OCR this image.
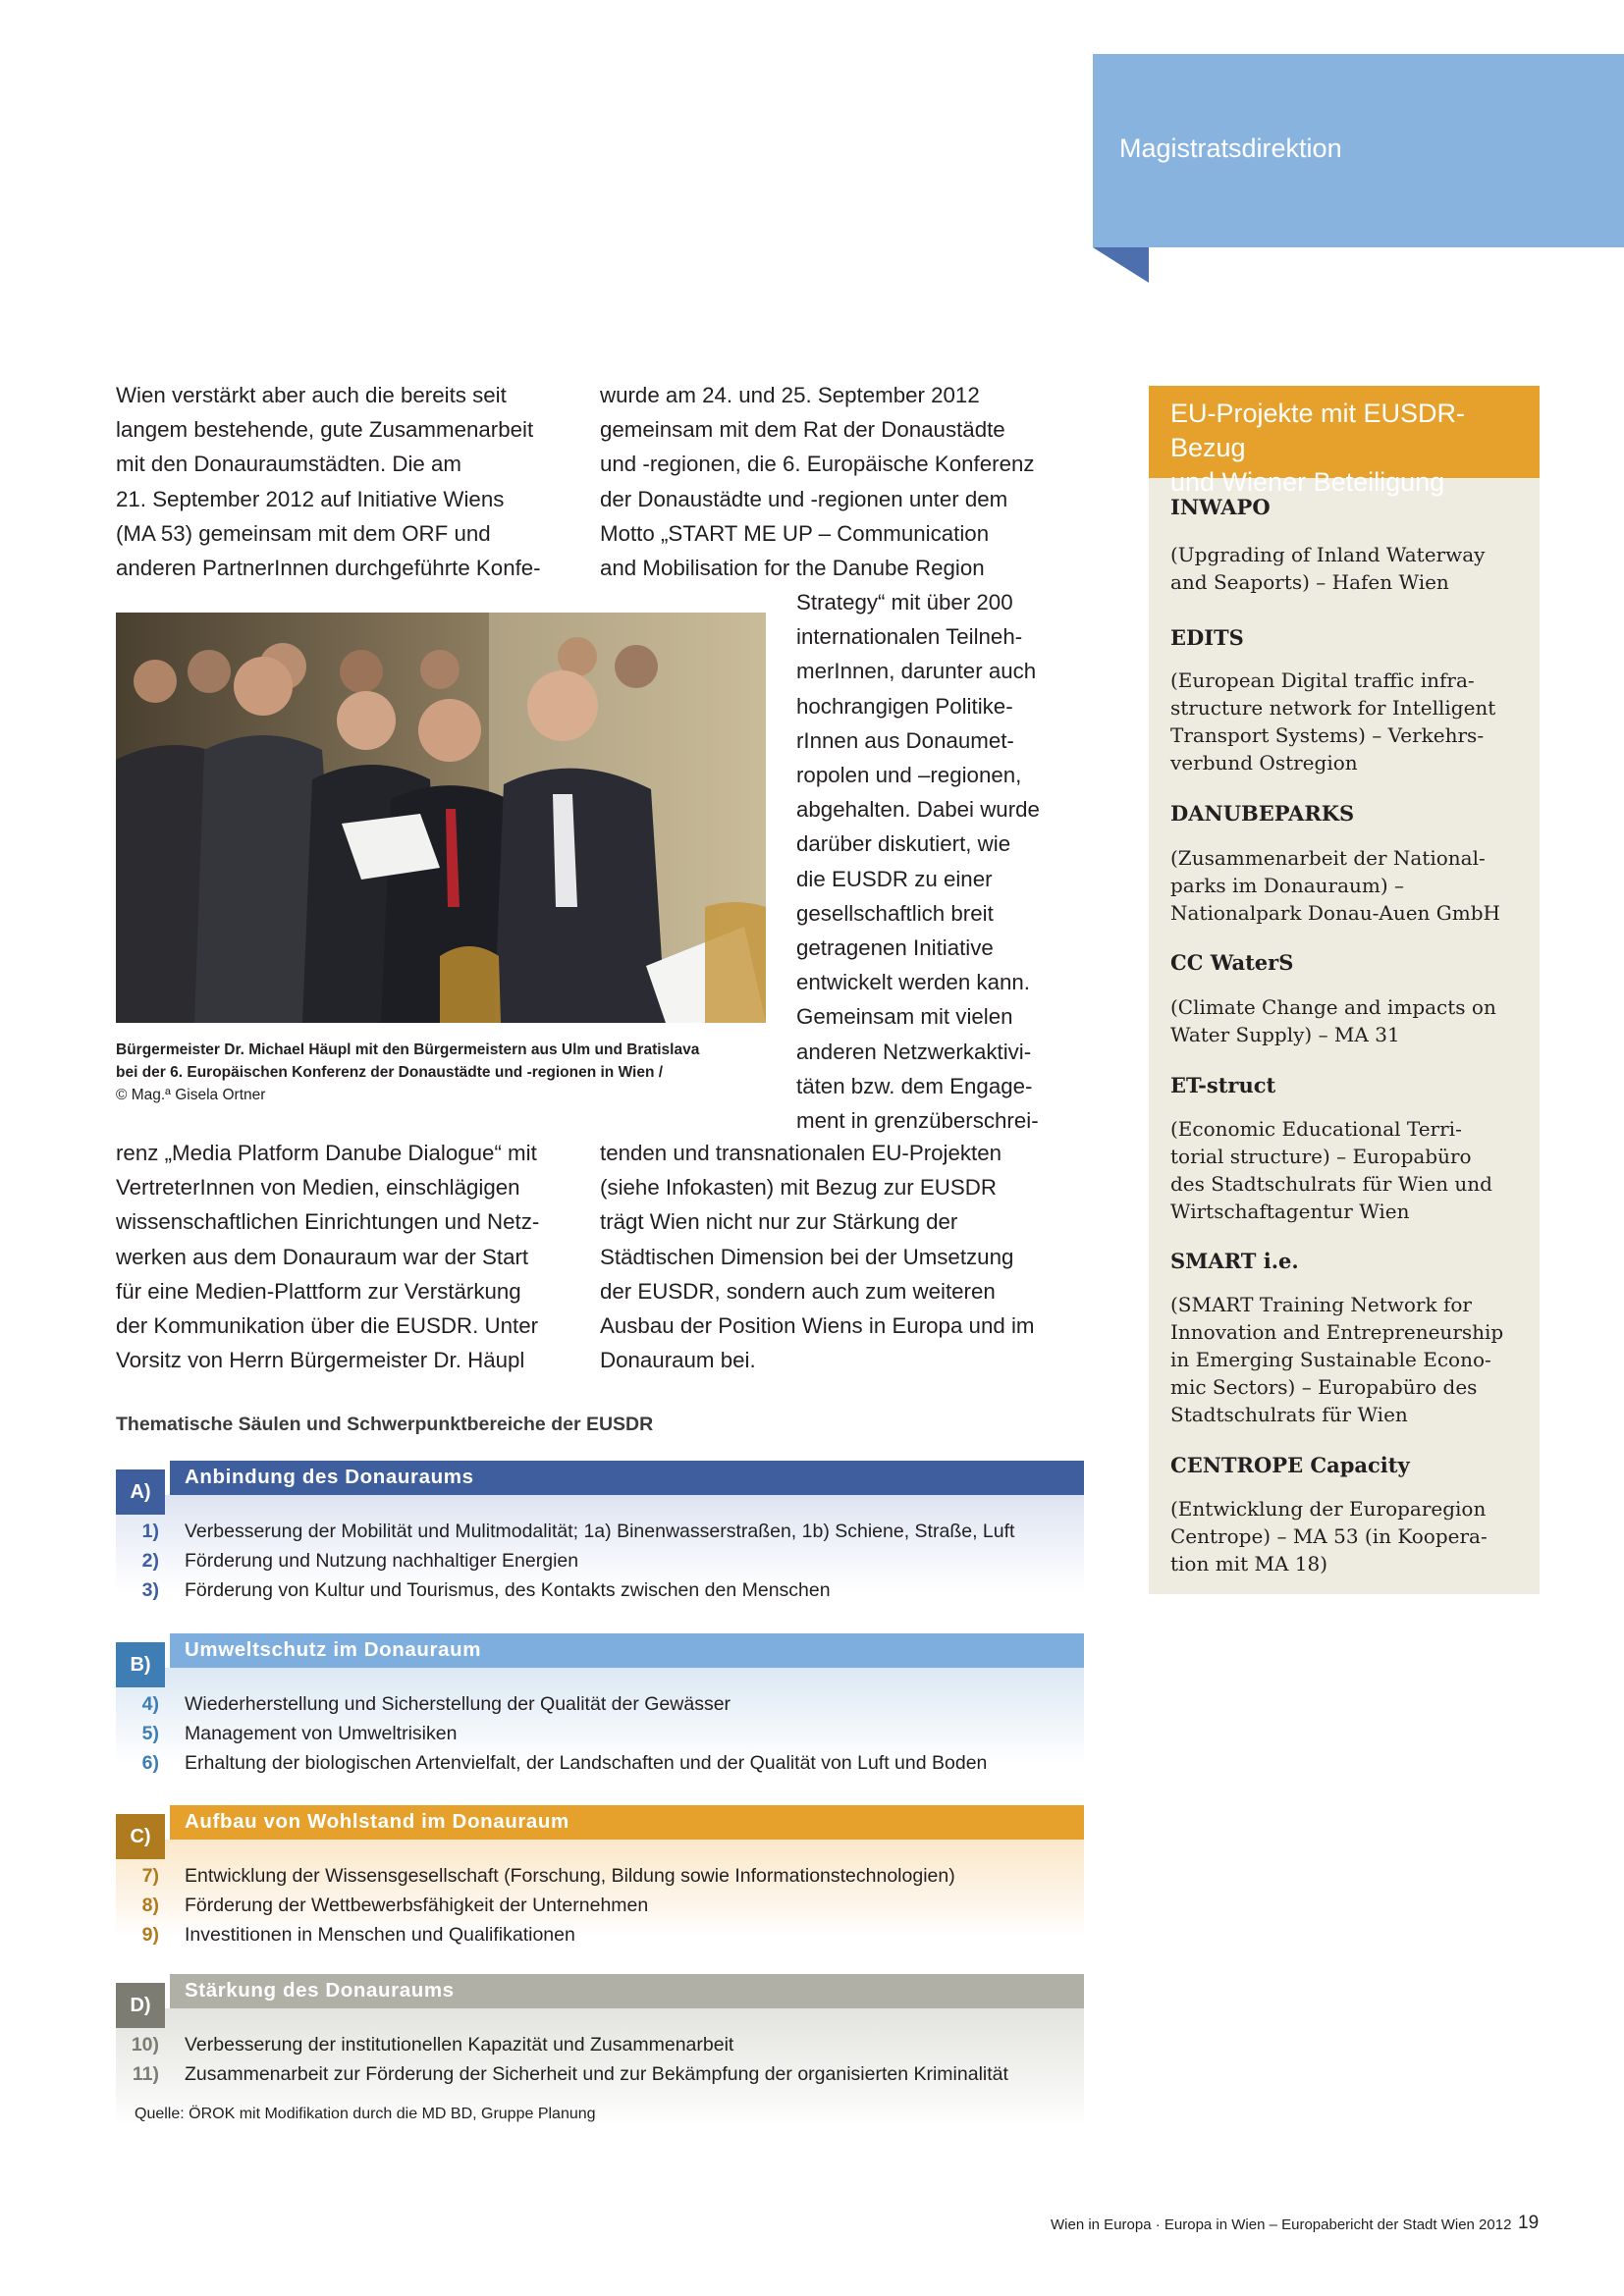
Magistratsdirektion
Wien verstärkt aber auch die bereits seit
langem bestehende, gute Zusammenarbeit
mit den Donauraumstädten. Die am
21. September 2012 auf Initiative Wiens
(MA 53) gemeinsam mit dem ORF und
anderen PartnerInnen durchgeführte Konfe-
wurde am 24. und 25. September 2012
gemeinsam mit dem Rat der Donaustädte
und -regionen, die 6. Europäische Konferenz
der Donaustädte und -regionen unter dem
Motto „START ME UP – Communication
and Mobilisation for the Danube Region
Strategy“ mit über 200
internationalen Teilneh-
merInnen, darunter auch
hochrangigen Politike-
rInnen aus Donaumet-
ropolen und –regionen,
abgehalten. Dabei wurde
darüber diskutiert, wie
die EUSDR zu einer
gesellschaftlich breit
getragenen Initiative
entwickelt werden kann.
Gemeinsam mit vielen
anderen Netzwerkaktivi-
täten bzw. dem Engage-
ment in grenzüberschrei-
Bürgermeister Dr. Michael Häupl mit den Bürgermeistern aus Ulm und Bratislava
bei der 6. Europäischen Konferenz der Donaustädte und -regionen in Wien /
© Mag.ª Gisela Ortner
renz „Media Platform Danube Dialogue“ mit
VertreterInnen von Medien, einschlägigen
wissenschaftlichen Einrichtungen und Netz-
werken aus dem Donauraum war der Start
für eine Medien-Plattform zur Verstärkung
der Kommunikation über die EUSDR. Unter
Vorsitz von Herrn Bürgermeister Dr. Häupl
tenden und transnationalen EU-Projekten
(siehe Infokasten) mit Bezug zur EUSDR
trägt Wien nicht nur zur Stärkung der
Städtischen Dimension bei der Umsetzung
der EUSDR, sondern auch zum weiteren
Ausbau der Position Wiens in Europa und im
Donauraum bei.
EU-Projekte mit EUSDR-Bezug
und Wiener Beteiligung
INWAPO
(Upgrading of Inland Waterway
and Seaports) – Hafen Wien
EDITS
(European Digital traffic infra-
structure network for Intelligent
Transport Systems) – Verkehrs-
verbund Ostregion
DANUBEPARKS
(Zusammenarbeit der National-
parks im Donauraum) –
Nationalpark Donau-Auen GmbH
CC WaterS
(Climate Change and impacts on
Water Supply) – MA 31
ET-struct
(Economic Educational Terri-
torial structure) – Europabüro
des Stadtschulrats für Wien und
Wirtschaftagentur Wien
SMART i.e.
(SMART Training Network for
Innovation and Entrepreneurship
in Emerging Sustainable Econo-
mic Sectors) – Europabüro des
Stadtschulrats für Wien
CENTROPE Capacity
(Entwicklung der Europaregion
Centrope) – MA 53 (in Koopera-
tion mit MA 18)
Thematische Säulen und Schwerpunktbereiche der EUSDR
Anbindung des Donauraums
A)
1) Verbesserung der Mobilität und Mulitmodalität; 1a) Binenwasserstraßen, 1b) Schiene, Straße, Luft
2) Förderung und Nutzung nachhaltiger Energien
3) Förderung von Kultur und Tourismus, des Kontakts zwischen den Menschen
Umweltschutz im Donauraum
B)
4) Wiederherstellung und Sicherstellung der Qualität der Gewässer
5) Management von Umweltrisiken
6) Erhaltung der biologischen Artenvielfalt, der Landschaften und der Qualität von Luft und Boden
Aufbau von Wohlstand im Donauraum
C)
7) Entwicklung der Wissensgesellschaft (Forschung, Bildung sowie Informationstechnologien)
8) Förderung der Wettbewerbsfähigkeit der Unternehmen
9) Investitionen in Menschen und Qualifikationen
Stärkung des Donauraums
D)
10) Verbesserung der institutionellen Kapazität und Zusammenarbeit
11) Zusammenarbeit zur Förderung der Sicherheit und zur Bekämpfung der organisierten Kriminalität
Quelle: ÖROK mit Modifikation durch die MD BD, Gruppe Planung
Wien in Europa · Europa in Wien – Europabericht der Stadt Wien 2012 19
